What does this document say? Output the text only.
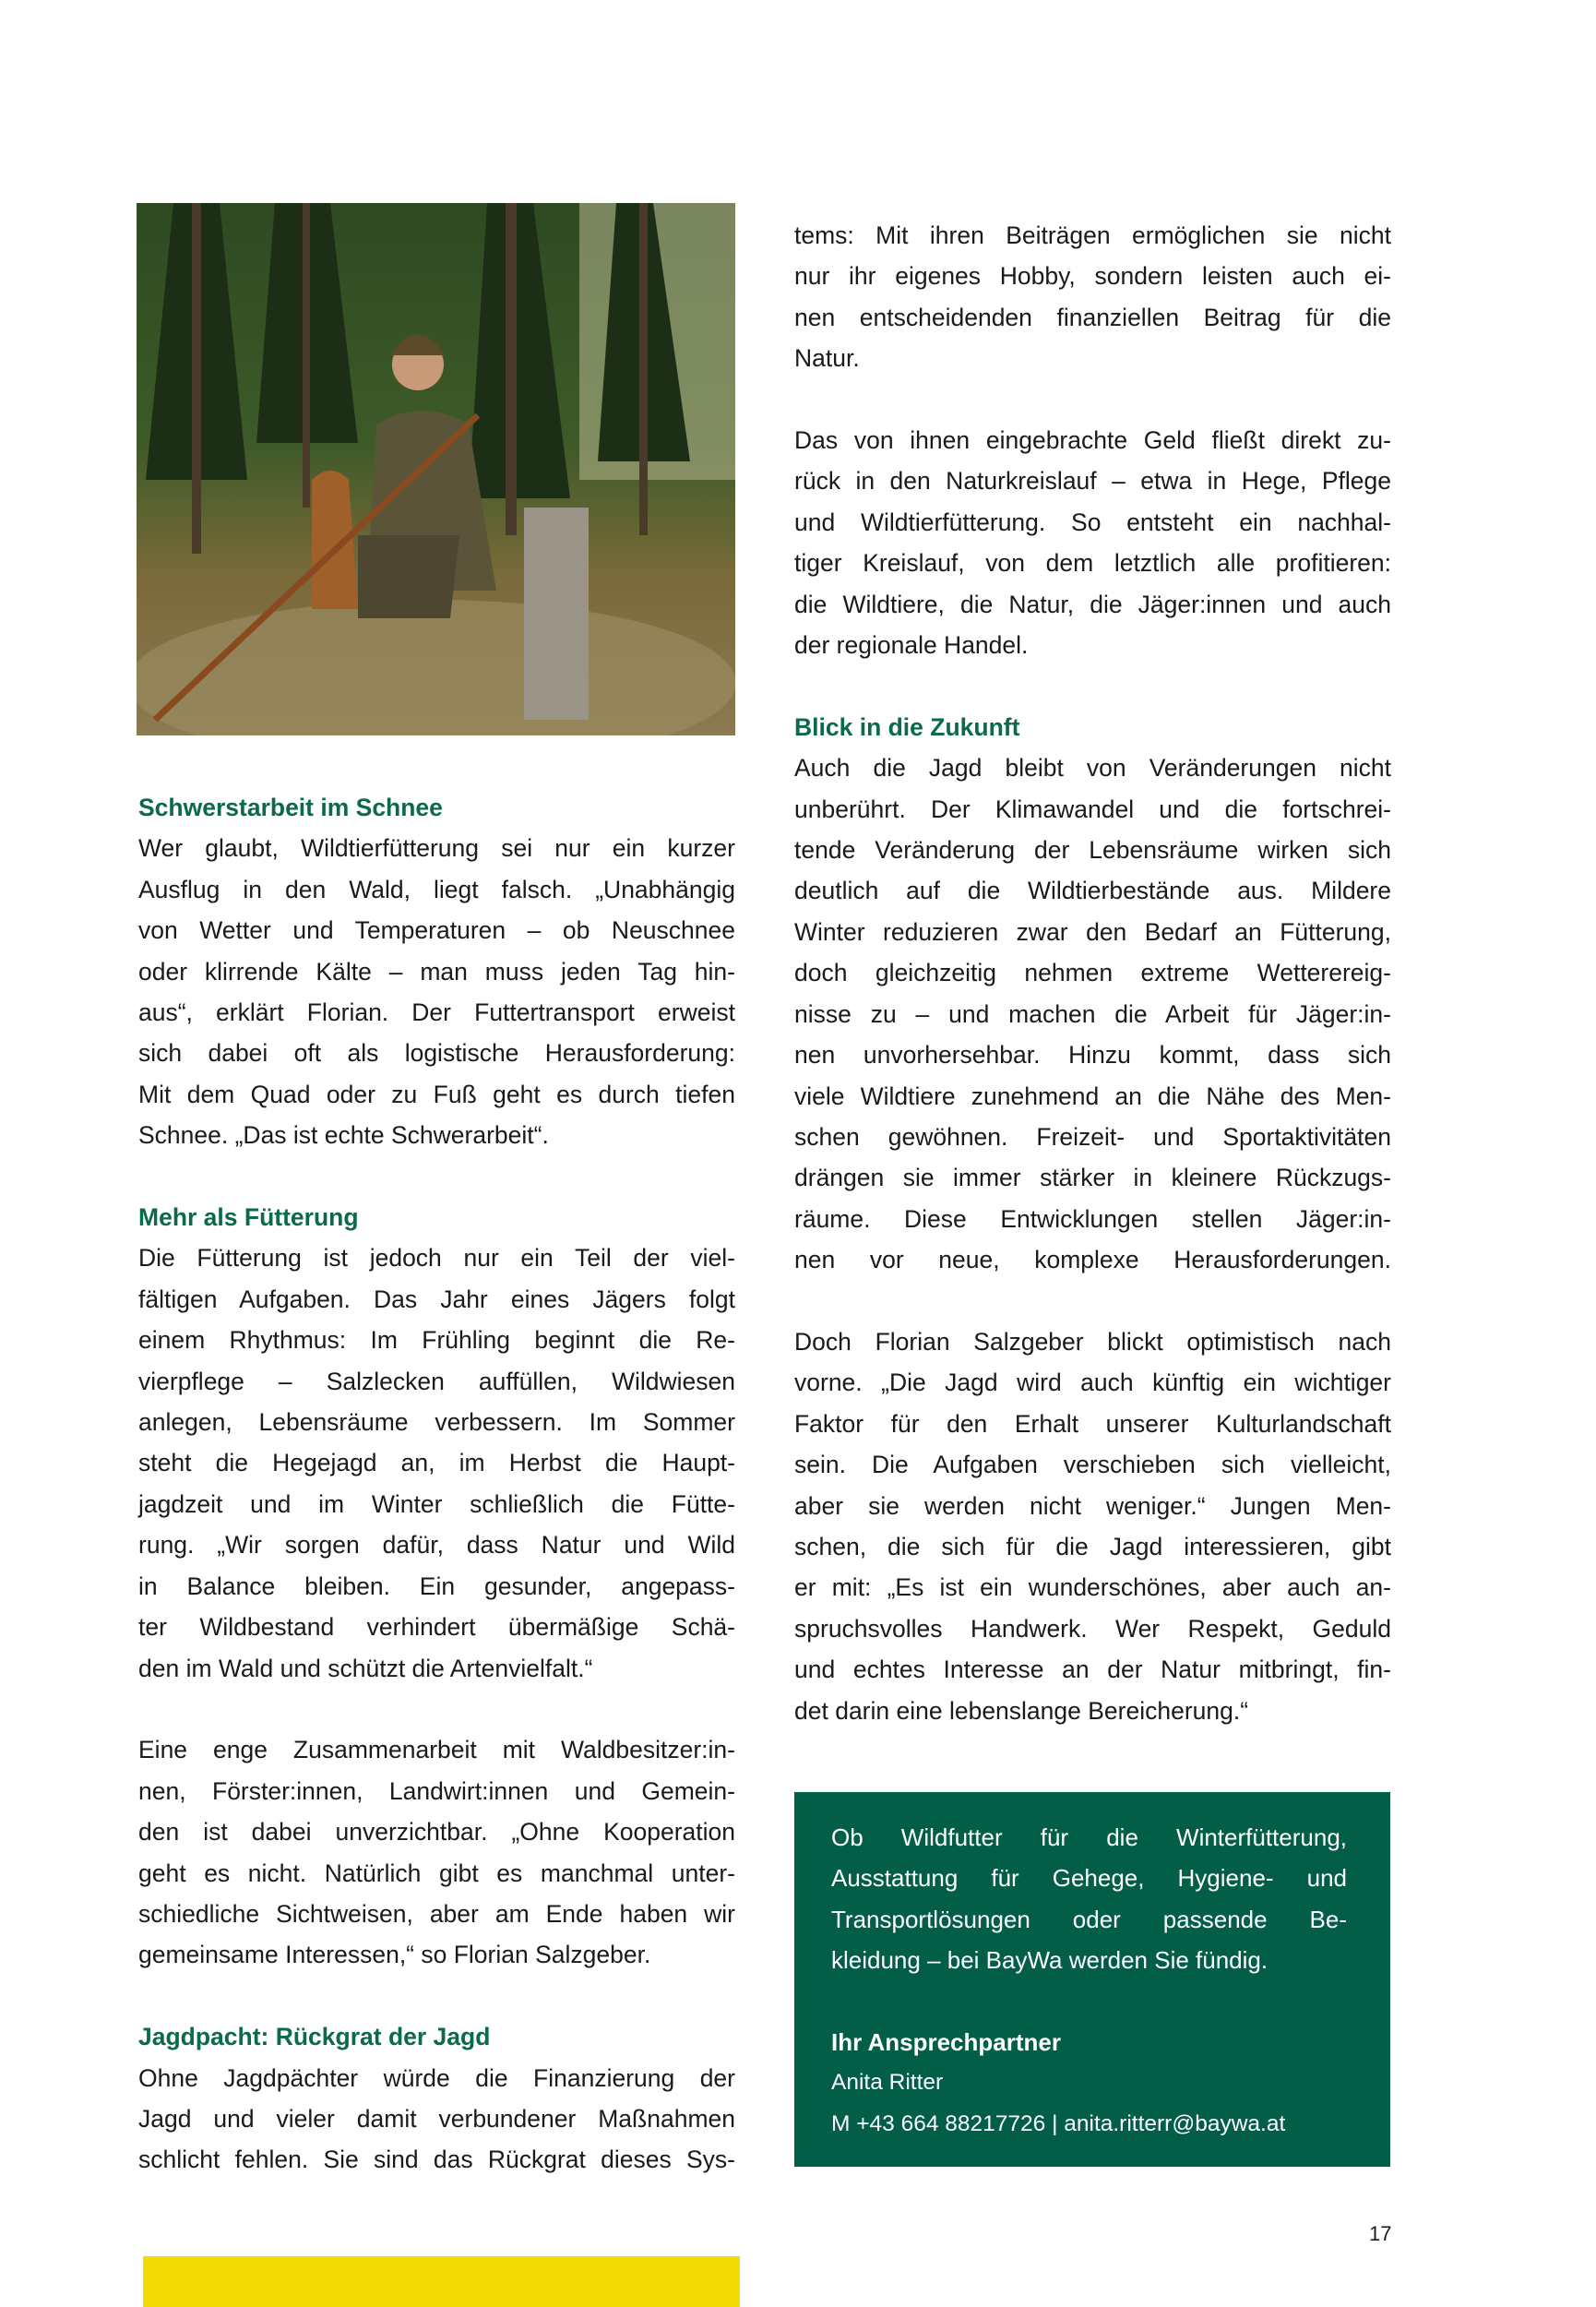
Schwerstarbeit im Schnee
Wer glaubt, Wildtierfütterung sei nur ein kurzer
Ausflug in den Wald, liegt falsch. „Unabhängig
von Wetter und Temperaturen – ob Neuschnee
oder klirrende Kälte – man muss jeden Tag hin-
aus“, erklärt Florian. Der Futtertransport erweist
sich dabei oft als logistische Herausforderung:
Mit dem Quad oder zu Fuß geht es durch tiefen
Schnee. „Das ist echte Schwerarbeit“.
Mehr als Fütterung
Die Fütterung ist jedoch nur ein Teil der viel-
fältigen Aufgaben. Das Jahr eines Jägers folgt
einem Rhythmus: Im Frühling beginnt die Re-
vierpflege – Salzlecken auffüllen, Wildwiesen
anlegen, Lebensräume verbessern. Im Sommer
steht die Hegejagd an, im Herbst die Haupt-
jagdzeit und im Winter schließlich die Fütte-
rung. „Wir sorgen dafür, dass Natur und Wild
in Balance bleiben. Ein gesunder, angepass-
ter Wildbestand verhindert übermäßige Schä-
den im Wald und schützt die Artenvielfalt.“
Eine enge Zusammenarbeit mit Waldbesitzer:in-
nen, Förster:innen, Landwirt:innen und Gemein-
den ist dabei unverzichtbar. „Ohne Kooperation
geht es nicht. Natürlich gibt es manchmal unter-
schiedliche Sichtweisen, aber am Ende haben wir
gemeinsame Interessen,“ so Florian Salzgeber.
Jagdpacht: Rückgrat der Jagd
Ohne Jagdpächter würde die Finanzierung der
Jagd und vieler damit verbundener Maßnahmen
schlicht fehlen. Sie sind das Rückgrat dieses Sys-
tems: Mit ihren Beiträgen ermöglichen sie nicht
nur ihr eigenes Hobby, sondern leisten auch ei-
nen entscheidenden finanziellen Beitrag für die
Natur.
Das von ihnen eingebrachte Geld fließt direkt zu-
rück in den Naturkreislauf – etwa in Hege, Pflege
und Wildtierfütterung. So entsteht ein nachhal-
tiger Kreislauf, von dem letztlich alle profitieren:
die Wildtiere, die Natur, die Jäger:innen und auch
der regionale Handel.
Blick in die Zukunft
Auch die Jagd bleibt von Veränderungen nicht
unberührt. Der Klimawandel und die fortschrei-
tende Veränderung der Lebensräume wirken sich
deutlich auf die Wildtierbestände aus. Mildere
Winter reduzieren zwar den Bedarf an Fütterung,
doch gleichzeitig nehmen extreme Wetterereig-
nisse zu – und machen die Arbeit für Jäger:in-
nen unvorhersehbar. Hinzu kommt, dass sich
viele Wildtiere zunehmend an die Nähe des Men-
schen gewöhnen. Freizeit- und Sportaktivitäten
drängen sie immer stärker in kleinere Rückzugs-
räume. Diese Entwicklungen stellen Jäger:in-
nen vor neue, komplexe Herausforderungen.
Doch Florian Salzgeber blickt optimistisch nach
vorne. „Die Jagd wird auch künftig ein wichtiger
Faktor für den Erhalt unserer Kulturlandschaft
sein. Die Aufgaben verschieben sich vielleicht,
aber sie werden nicht weniger.“ Jungen Men-
schen, die sich für die Jagd interessieren, gibt
er mit: „Es ist ein wunderschönes, aber auch an-
spruchsvolles Handwerk. Wer Respekt, Geduld
und echtes Interesse an der Natur mitbringt, fin-
det darin eine lebenslange Bereicherung.“
Ob Wildfutter für die Winterfütterung,
Ausstattung für Gehege, Hygiene- und
Transportlösungen oder passende Be-
kleidung – bei BayWa werden Sie fündig.
Ihr Ansprechpartner
Anita Ritter
M +43 664 88217726 | anita.ritterr@baywa.at
17
